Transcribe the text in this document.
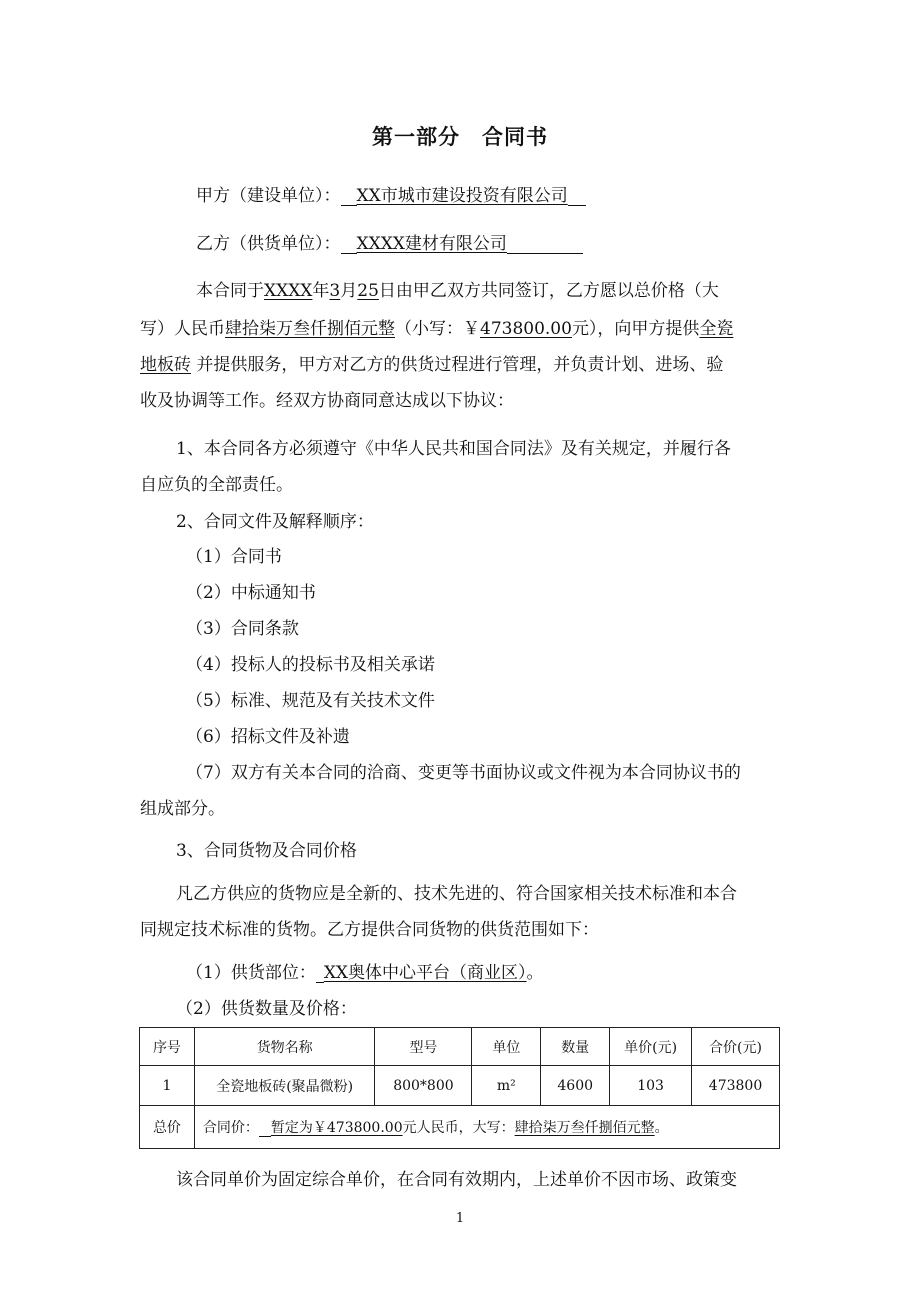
第一部分　合同书
甲方（建设单位）： XX市城市建设投资有限公司
乙方（供货单位）： XXXX建材有限公司
本合同于XXXX年3月25日由甲乙双方共同签订，乙方愿以总价格（大
写）人民币肆拾柒万叁仟捌佰元整（小写：￥473800.00元），向甲方提供全瓷
地板砖 并提供服务，甲方对乙方的供货过程进行管理，并负责计划、进场、验
收及协调等工作。经双方协商同意达成以下协议：
1、本合同各方必须遵守《中华人民共和国合同法》及有关规定，并履行各
自应负的全部责任。
2、合同文件及解释顺序：
（1）合同书
（2）中标通知书
（3）合同条款
（4）投标人的投标书及相关承诺
（5）标准、规范及有关技术文件
（6）招标文件及补遗
（7）双方有关本合同的洽商、变更等书面协议或文件视为本合同协议书的
组成部分。
3、合同货物及合同价格
凡乙方供应的货物应是全新的、技术先进的、符合国家相关技术标准和本合
同规定技术标准的货物。乙方提供合同货物的供货范围如下：
（1）供货部位： XX奥体中心平台（商业区）。
（2）供货数量及价格：
序号	货物名称	型号	单位	数量	单价(元)	合价(元)
1	全瓷地板砖(聚晶微粉)	800*800	m²	4600	103	473800
总价	合同价： 暂定为￥473800.00元人民币，大写：肆拾柒万叁仟捌佰元整。					
该合同单价为固定综合单价，在合同有效期内，上述单价不因市场、政策变
1
